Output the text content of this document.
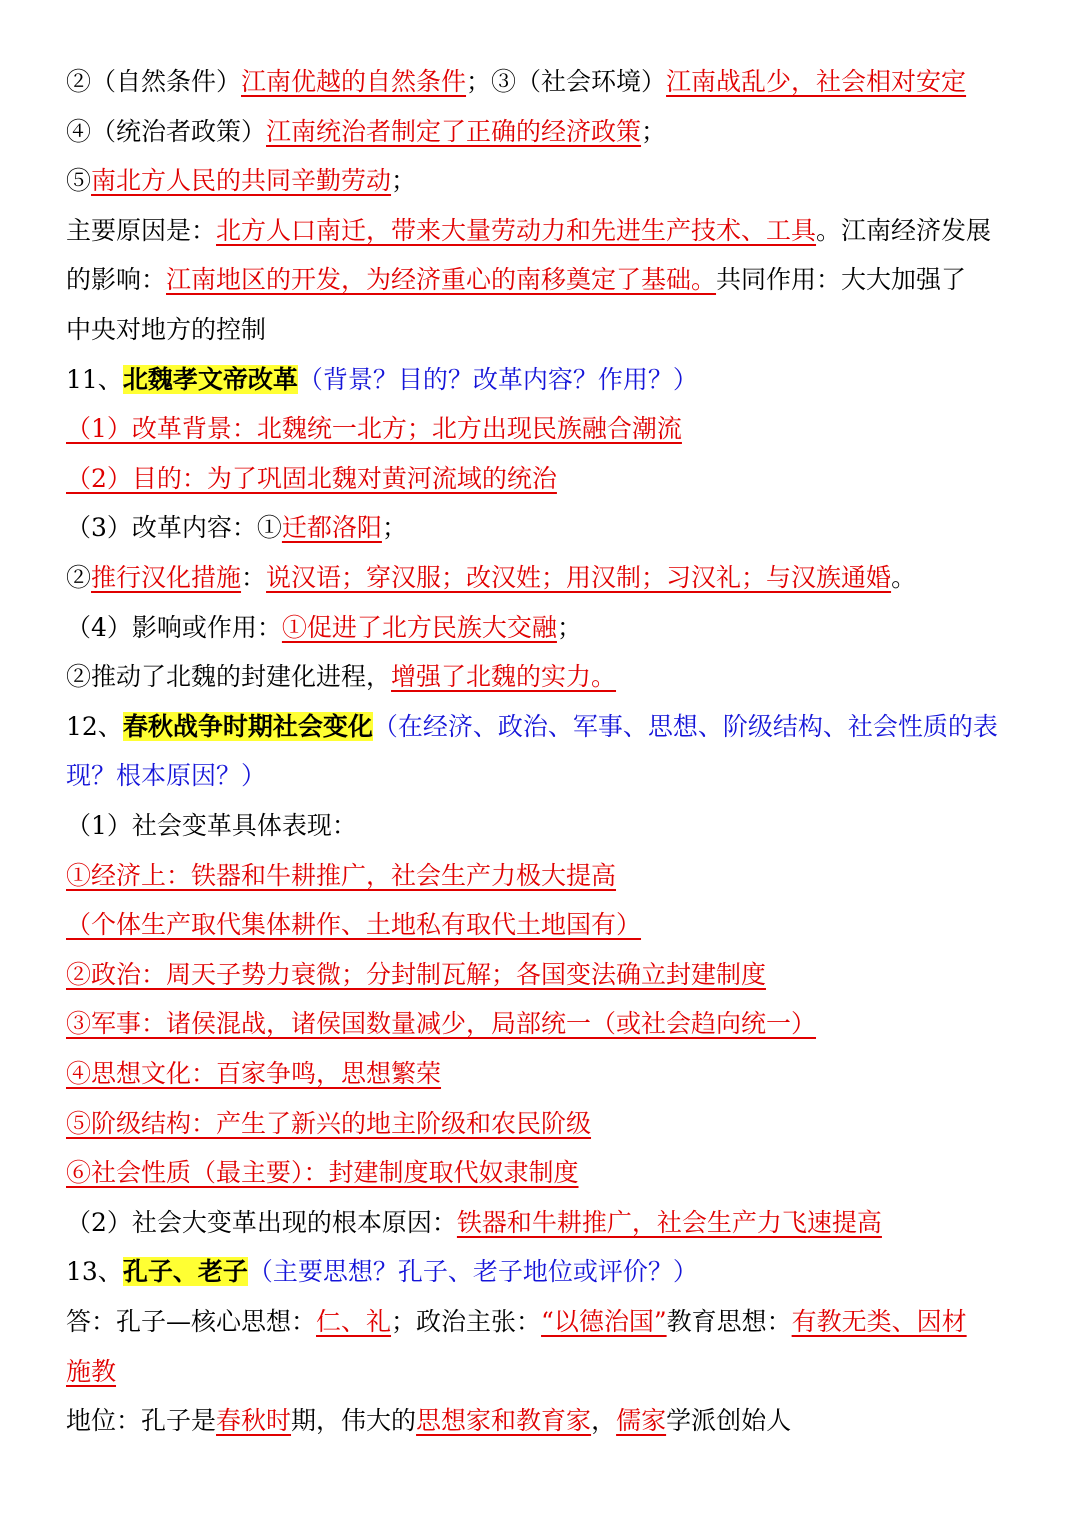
②（自然条件）江南优越的自然条件；③（社会环境）江南战乱少，社会相对安定
④（统治者政策）江南统治者制定了正确的经济政策；
⑤南北方人民的共同辛勤劳动；
主要原因是：北方人口南迁，带来大量劳动力和先进生产技术、工具。江南经济发展
的影响：江南地区的开发，为经济重心的南移奠定了基础。共同作用：大大加强了
中央对地方的控制
11、北魏孝文帝改革（背景？目的？改革内容？作用？）
（1）改革背景：北魏统一北方；北方出现民族融合潮流
（2）目的：为了巩固北魏对黄河流域的统治
（3）改革内容：①迁都洛阳；
②推行汉化措施：说汉语；穿汉服；改汉姓；用汉制；习汉礼；与汉族通婚。
（4）影响或作用：①促进了北方民族大交融；
②推动了北魏的封建化进程，增强了北魏的实力。
12、春秋战争时期社会变化（在经济、政治、军事、思想、阶级结构、社会性质的表
现？根本原因？）
（1）社会变革具体表现：
①经济上：铁器和牛耕推广，社会生产力极大提高
（个体生产取代集体耕作、土地私有取代土地国有）
②政治：周天子势力衰微；分封制瓦解；各国变法确立封建制度
③军事：诸侯混战，诸侯国数量减少，局部统一（或社会趋向统一）
④思想文化：百家争鸣，思想繁荣
⑤阶级结构：产生了新兴的地主阶级和农民阶级
⑥社会性质（最主要）：封建制度取代奴隶制度
（2）社会大变革出现的根本原因：铁器和牛耕推广，社会生产力飞速提高
13、孔子、老子（主要思想？孔子、老子地位或评价？）
答：孔子—核心思想：仁、礼；政治主张：“以德治国”教育思想：有教无类、因材
施教
地位：孔子是春秋时期，伟大的思想家和教育家，儒家学派创始人
